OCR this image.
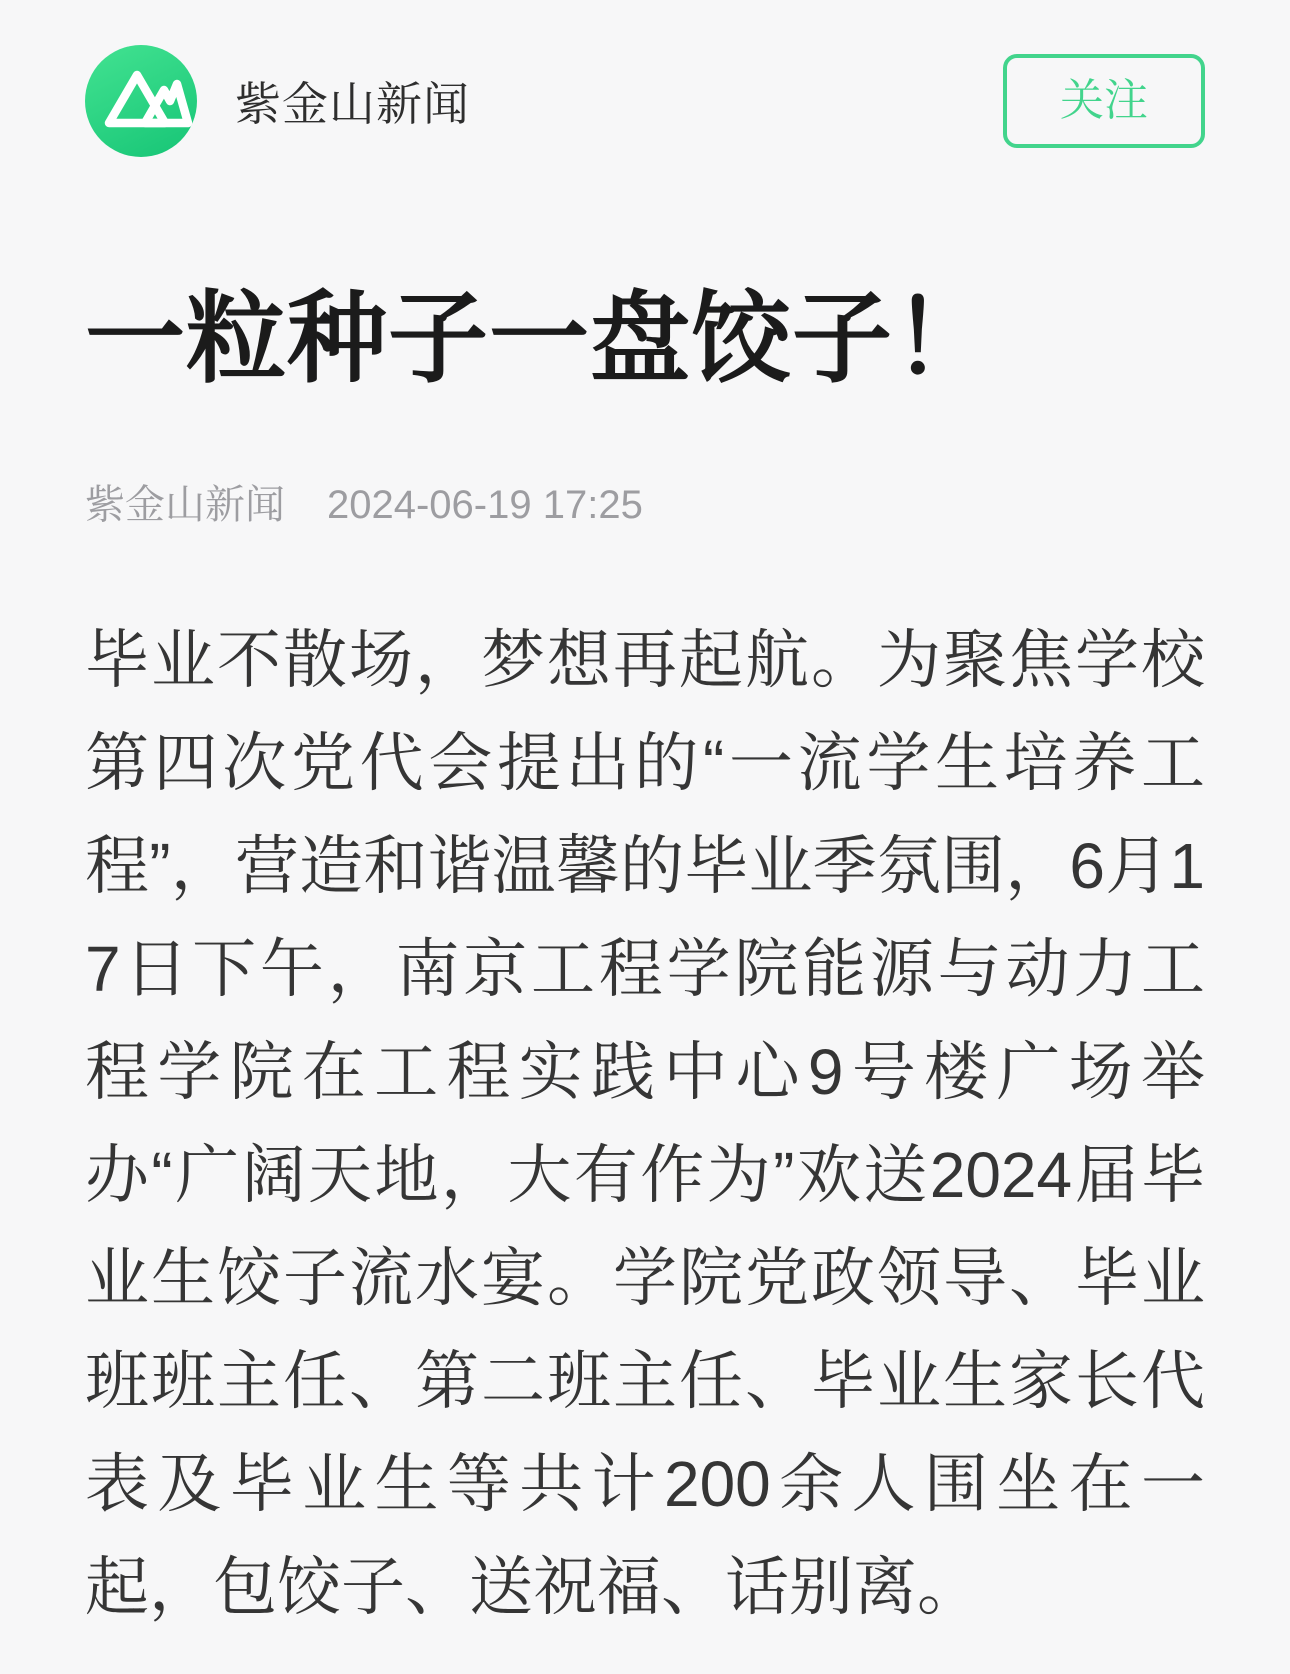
紫金山新闻	关注
一粒种子一盘饺子！
紫金山新闻 2024-06-19 17:25

毕业不散场，梦想再起航。为聚焦学校第四次党代会提出的“一流学生培养工程”，营造和谐温馨的毕业季氛围，6月17日下午，南京工程学院能源与动力工程学院在工程实践中心9号楼广场举办“广阔天地，大有作为”欢送2024届毕业生饺子流水宴。学院党政领导、毕业班班主任、第二班主任、毕业生家长代表及毕业生等共计200余人围坐在一起，包饺子、送祝福、话别离。
